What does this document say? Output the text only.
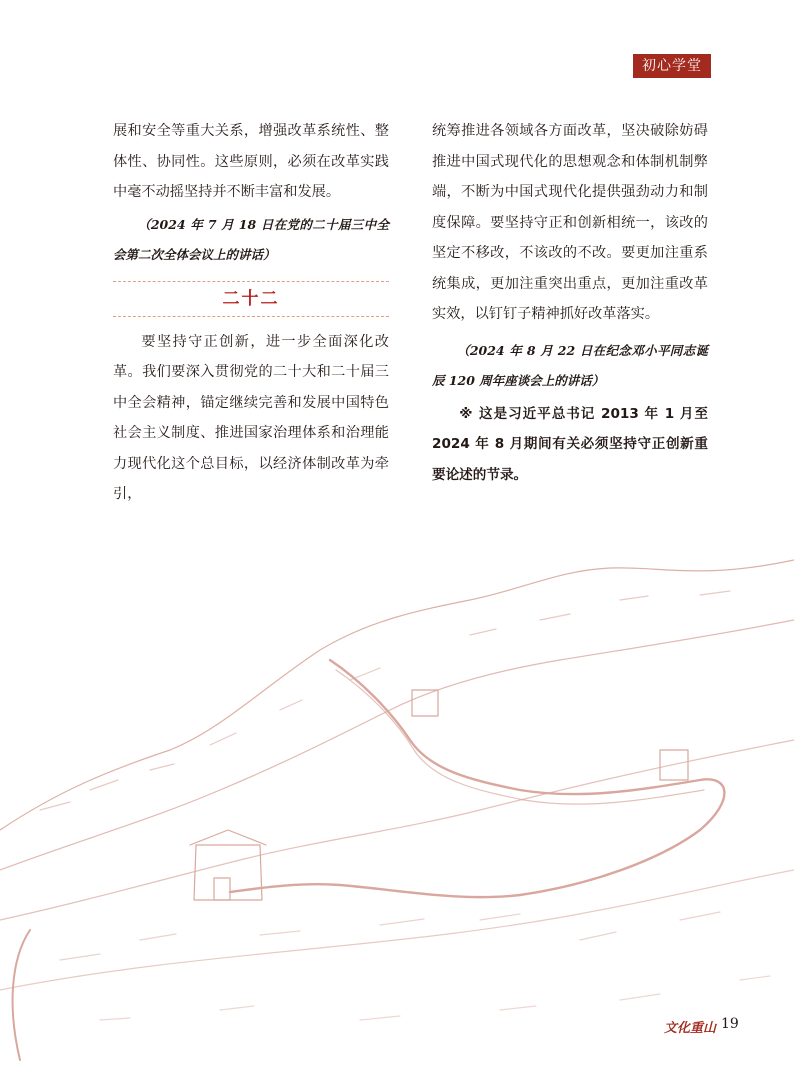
初心学堂

展和安全等重大关系，增强改革系统性、整体性、协同性。这些原则，必须在改革实践中毫不动摇坚持并不断丰富和发展。

（2024 年 7 月 18 日在党的二十届三中全会第二次全体会议上的讲话）

二十二

要坚持守正创新，进一步全面深化改革。我们要深入贯彻党的二十大和二十届三中全会精神，锚定继续完善和发展中国特色社会主义制度、推进国家治理体系和治理能力现代化这个总目标，以经济体制改革为牵引，

统筹推进各领域各方面改革，坚决破除妨碍推进中国式现代化的思想观念和体制机制弊端，不断为中国式现代化提供强劲动力和制度保障。要坚持守正和创新相统一，该改的坚定不移改，不该改的不改。要更加注重系统集成，更加注重突出重点，更加注重改革实效，以钉钉子精神抓好改革落实。

（2024 年 8 月 22 日在纪念邓小平同志诞辰 120 周年座谈会上的讲话）

※ 这是习近平总书记 2013 年 1 月至 2024 年 8 月期间有关必须坚持守正创新重要论述的节录。

文化重山 19
